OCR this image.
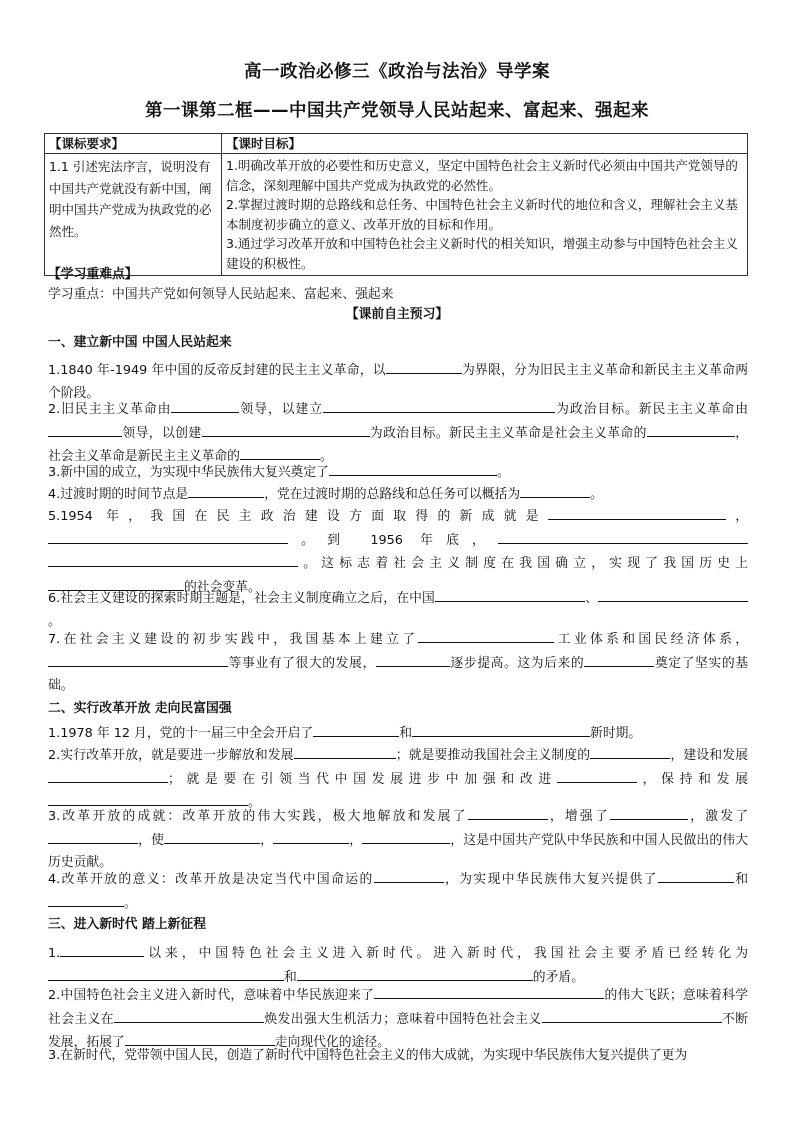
高一政治必修三《政治与法治》导学案
第一课第二框——中国共产党领导人民站起来、富起来、强起来
【课标要求】	【课时目标】
1.1 引述宪法序言，说明没有中国共产党就没有新中国，阐明中国共产党成为执政党的必然性。	1.明确改革开放的必要性和历史意义，坚定中国特色社会主义新时代必须由中国共产党领导的信念，深刻理解中国共产党成为执政党的必然性。
2.掌握过渡时期的总路线和总任务、中国特色社会主义新时代的地位和含义，理解社会主义基本制度初步确立的意义、改革开放的目标和作用。
3.通过学习改革开放和中国特色社会主义新时代的相关知识，增强主动参与中国特色社会主义建设的积极性。
【学习重难点】
学习重点：中国共产党如何领导人民站起来、富起来、强起来
【课前自主预习】
一、建立新中国 中国人民站起来
1.1840 年-1949 年中国的反帝反封建的民主主义革命，以	为界限，分为旧民主主义革命和新民主主义革命两个阶段。
2.旧民主主义革命由	领导，以建立	为政治目标。新民主主义革命由领导，以创建	为政治目标。新民主主义革命是社会主义革命的	，社会主义革命是新民主主义革命的	。
3.新中国的成立，为实现中华民族伟大复兴奠定了	。
4.过渡时期的时间节点是	，党在过渡时期的总路线和总任务可以概括为	。
5.1954 年，我国在民主政治建设方面取得的新成就是	，。到 1956 年底，。这标志着社会主义制度在我国确立，实现了我国历史上的社会变革。
6.社会主义建设的探索时期主题是，社会主义制度确立之后，在中国	、。
7.在社会主义建设的初步实践中，我国基本上建立了	工业体系和国民经济体系，等事业有了很大的发展，	逐步提高。这为后来的	奠定了坚实的基础。
二、实行改革开放 走向民富国强
1.1978 年 12 月，党的十一届三中全会开启了	和	新时期。
2.实行改革开放，就是要进一步解放和发展	；就是要推动我国社会主义制度的	，建设和发展；就是要在引领当代中国发展进步中加强和改进	，保持和发展。
3.改革开放的成就：改革开放的伟大实践，极大地解放和发展了	，增强了	，激发了，使	，	，	，这是中国共产党队中华民族和中国人民做出的伟大历史贡献。
4.改革开放的意义：改革开放是决定当代中国命运的	，为实现中华民族伟大复兴提供了	和。
三、进入新时代 踏上新征程
1.	以来，中国特色社会主义进入新时代。进入新时代，我国社会主要矛盾已经转化为和	的矛盾。
2.中国特色社会主义进入新时代，意味着中华民族迎来了	的伟大飞跃；意味着科学社会主义在	焕发出强大生机活力；意味着中国特色社会主义	不断发展，拓展了	走向现代化的途径。
3.在新时代，党带领中国人民，创造了新时代中国特色社会主义的伟大成就，为实现中华民族伟大复兴提供了更为
